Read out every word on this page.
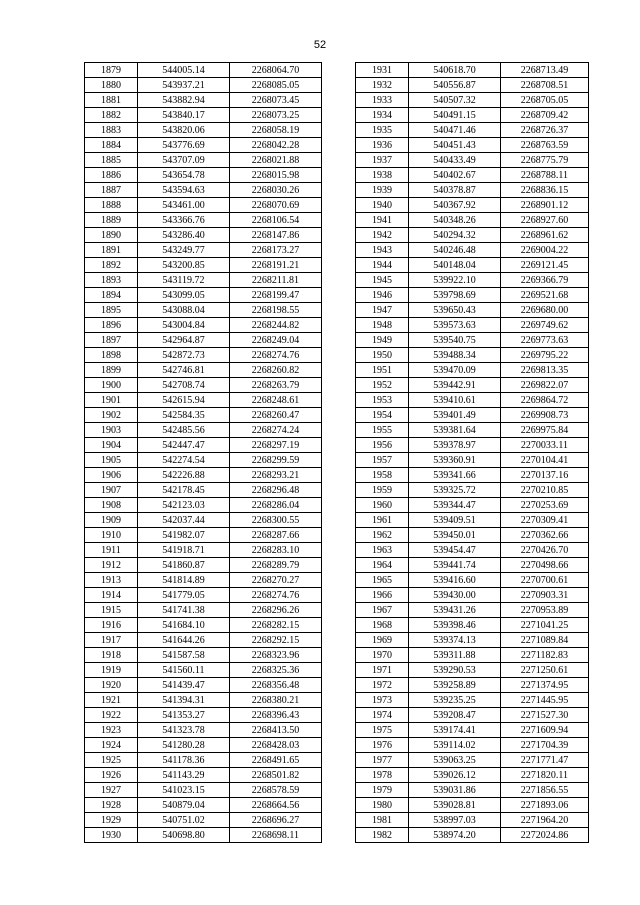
52
1879	544005.14	2268064.70
1880	543937.21	2268085.05
1881	543882.94	2268073.45
1882	543840.17	2268073.25
1883	543820.06	2268058.19
1884	543776.69	2268042.28
1885	543707.09	2268021.88
1886	543654.78	2268015.98
1887	543594.63	2268030.26
1888	543461.00	2268070.69
1889	543366.76	2268106.54
1890	543286.40	2268147.86
1891	543249.77	2268173.27
1892	543200.85	2268191.21
1893	543119.72	2268211.81
1894	543099.05	2268199.47
1895	543088.04	2268198.55
1896	543004.84	2268244.82
1897	542964.87	2268249.04
1898	542872.73	2268274.76
1899	542746.81	2268260.82
1900	542708.74	2268263.79
1901	542615.94	2268248.61
1902	542584.35	2268260.47
1903	542485.56	2268274.24
1904	542447.47	2268297.19
1905	542274.54	2268299.59
1906	542226.88	2268293.21
1907	542178.45	2268296.48
1908	542123.03	2268286.04
1909	542037.44	2268300.55
1910	541982.07	2268287.66
1911	541918.71	2268283.10
1912	541860.87	2268289.79
1913	541814.89	2268270.27
1914	541779.05	2268274.76
1915	541741.38	2268296.26
1916	541684.10	2268282.15
1917	541644.26	2268292.15
1918	541587.58	2268323.96
1919	541560.11	2268325.36
1920	541439.47	2268356.48
1921	541394.31	2268380.21
1922	541353.27	2268396.43
1923	541323.78	2268413.50
1924	541280.28	2268428.03
1925	541178.36	2268491.65
1926	541143.29	2268501.82
1927	541023.15	2268578.59
1928	540879.04	2268664.56
1929	540751.02	2268696.27
1930	540698.80	2268698.11
1931	540618.70	2268713.49
1932	540556.87	2268708.51
1933	540507.32	2268705.05
1934	540491.15	2268709.42
1935	540471.46	2268726.37
1936	540451.43	2268763.59
1937	540433.49	2268775.79
1938	540402.67	2268788.11
1939	540378.87	2268836.15
1940	540367.92	2268901.12
1941	540348.26	2268927.60
1942	540294.32	2268961.62
1943	540246.48	2269004.22
1944	540148.04	2269121.45
1945	539922.10	2269366.79
1946	539798.69	2269521.68
1947	539650.43	2269680.00
1948	539573.63	2269749.62
1949	539540.75	2269773.63
1950	539488.34	2269795.22
1951	539470.09	2269813.35
1952	539442.91	2269822.07
1953	539410.61	2269864.72
1954	539401.49	2269908.73
1955	539381.64	2269975.84
1956	539378.97	2270033.11
1957	539360.91	2270104.41
1958	539341.66	2270137.16
1959	539325.72	2270210.85
1960	539344.47	2270253.69
1961	539409.51	2270309.41
1962	539450.01	2270362.66
1963	539454.47	2270426.70
1964	539441.74	2270498.66
1965	539416.60	2270700.61
1966	539430.00	2270903.31
1967	539431.26	2270953.89
1968	539398.46	2271041.25
1969	539374.13	2271089.84
1970	539311.88	2271182.83
1971	539290.53	2271250.61
1972	539258.89	2271374.95
1973	539235.25	2271445.95
1974	539208.47	2271527.30
1975	539174.41	2271609.94
1976	539114.02	2271704.39
1977	539063.25	2271771.47
1978	539026.12	2271820.11
1979	539031.86	2271856.55
1980	539028.81	2271893.06
1981	538997.03	2271964.20
1982	538974.20	2272024.86
